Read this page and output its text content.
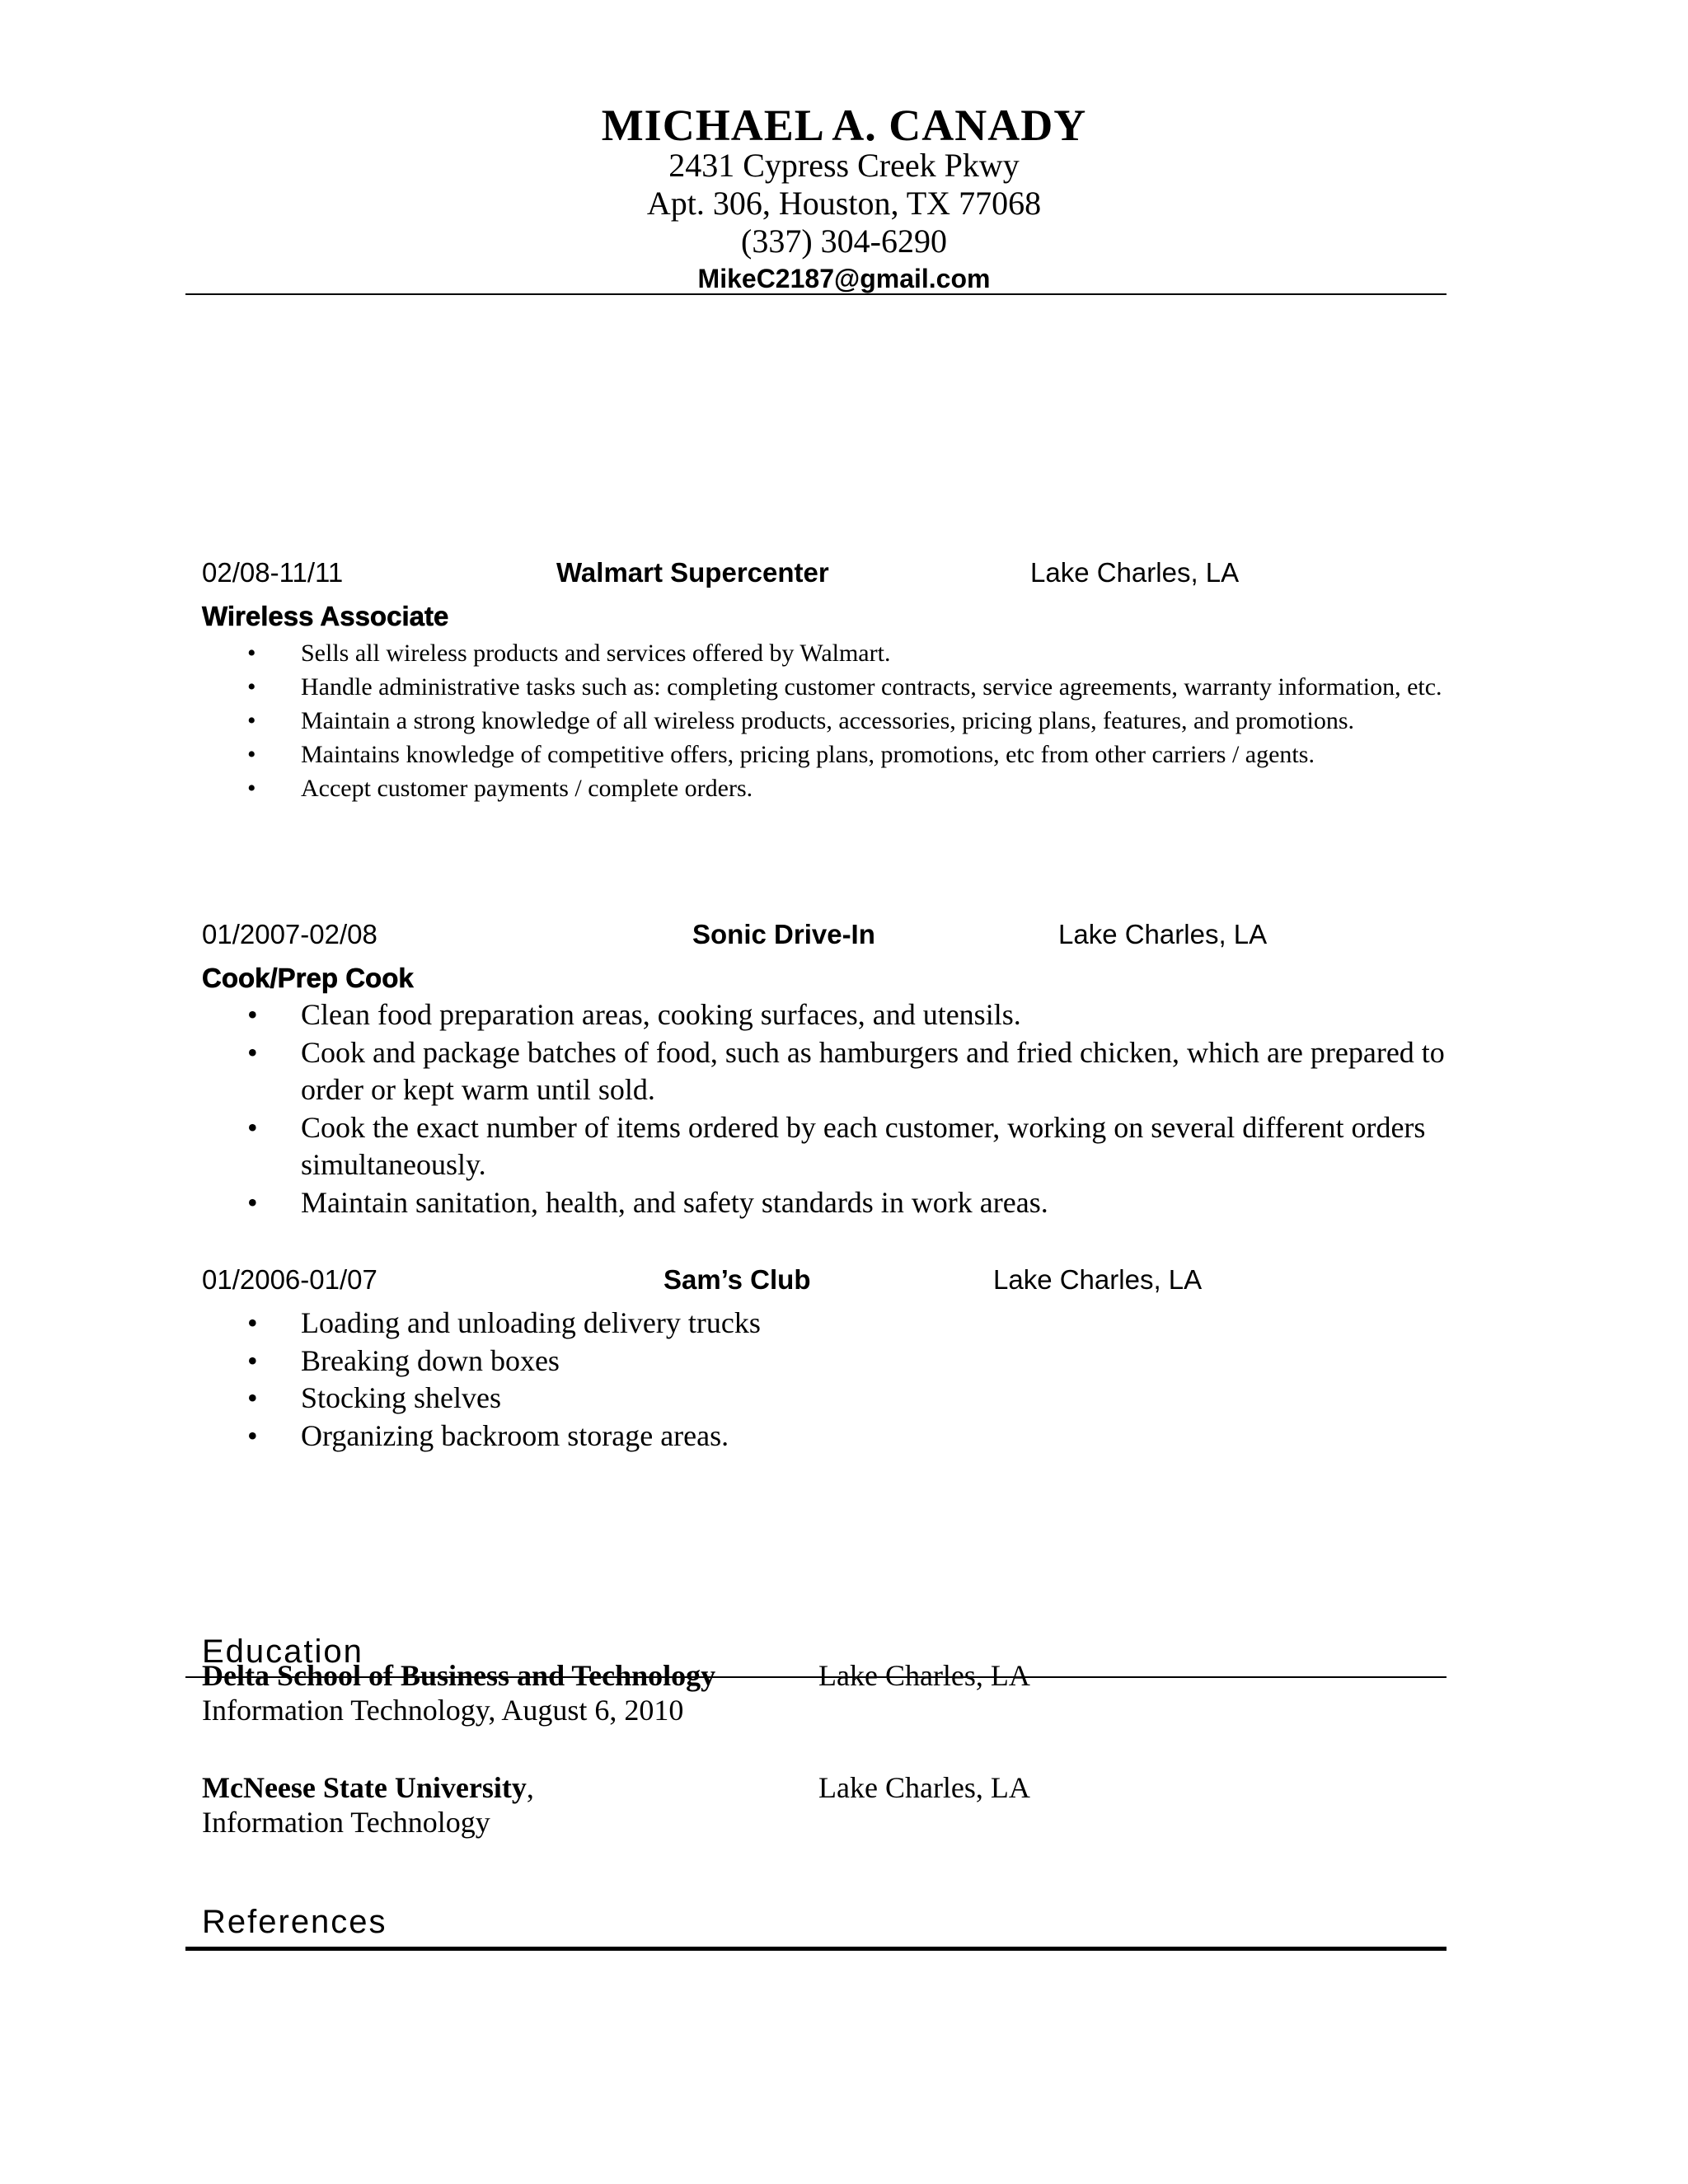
MICHAEL A. CANADY
2431 Cypress Creek Pkwy
Apt. 306, Houston, TX 77068
(337) 304-6290
MikeC2187@gmail.com
02/08-11/11	Walmart Supercenter	Lake Charles, LA
Wireless Associate
• Sells all wireless products and services offered by Walmart.
• Handle administrative tasks such as: completing customer contracts, service agreements, warranty information, etc.
• Maintain a strong knowledge of all wireless products, accessories, pricing plans, features, and promotions.
• Maintains knowledge of competitive offers, pricing plans, promotions, etc from other carriers / agents.
• Accept customer payments / complete orders.
01/2007-02/08	Sonic Drive-In	Lake Charles, LA
Cook/Prep Cook
• Clean food preparation areas, cooking surfaces, and utensils.
• Cook and package batches of food, such as hamburgers and fried chicken, which are prepared to order or kept warm until sold.
• Cook the exact number of items ordered by each customer, working on several different orders simultaneously.
• Maintain sanitation, health, and safety standards in work areas.
01/2006-01/07	Sam’s Club	Lake Charles, LA
• Loading and unloading delivery trucks
• Breaking down boxes
• Stocking shelves
• Organizing backroom storage areas.
Education
Delta School of Business and Technology	Lake Charles, LA
Information Technology, August 6, 2010
McNeese State University,	Lake Charles, LA
Information Technology
References
